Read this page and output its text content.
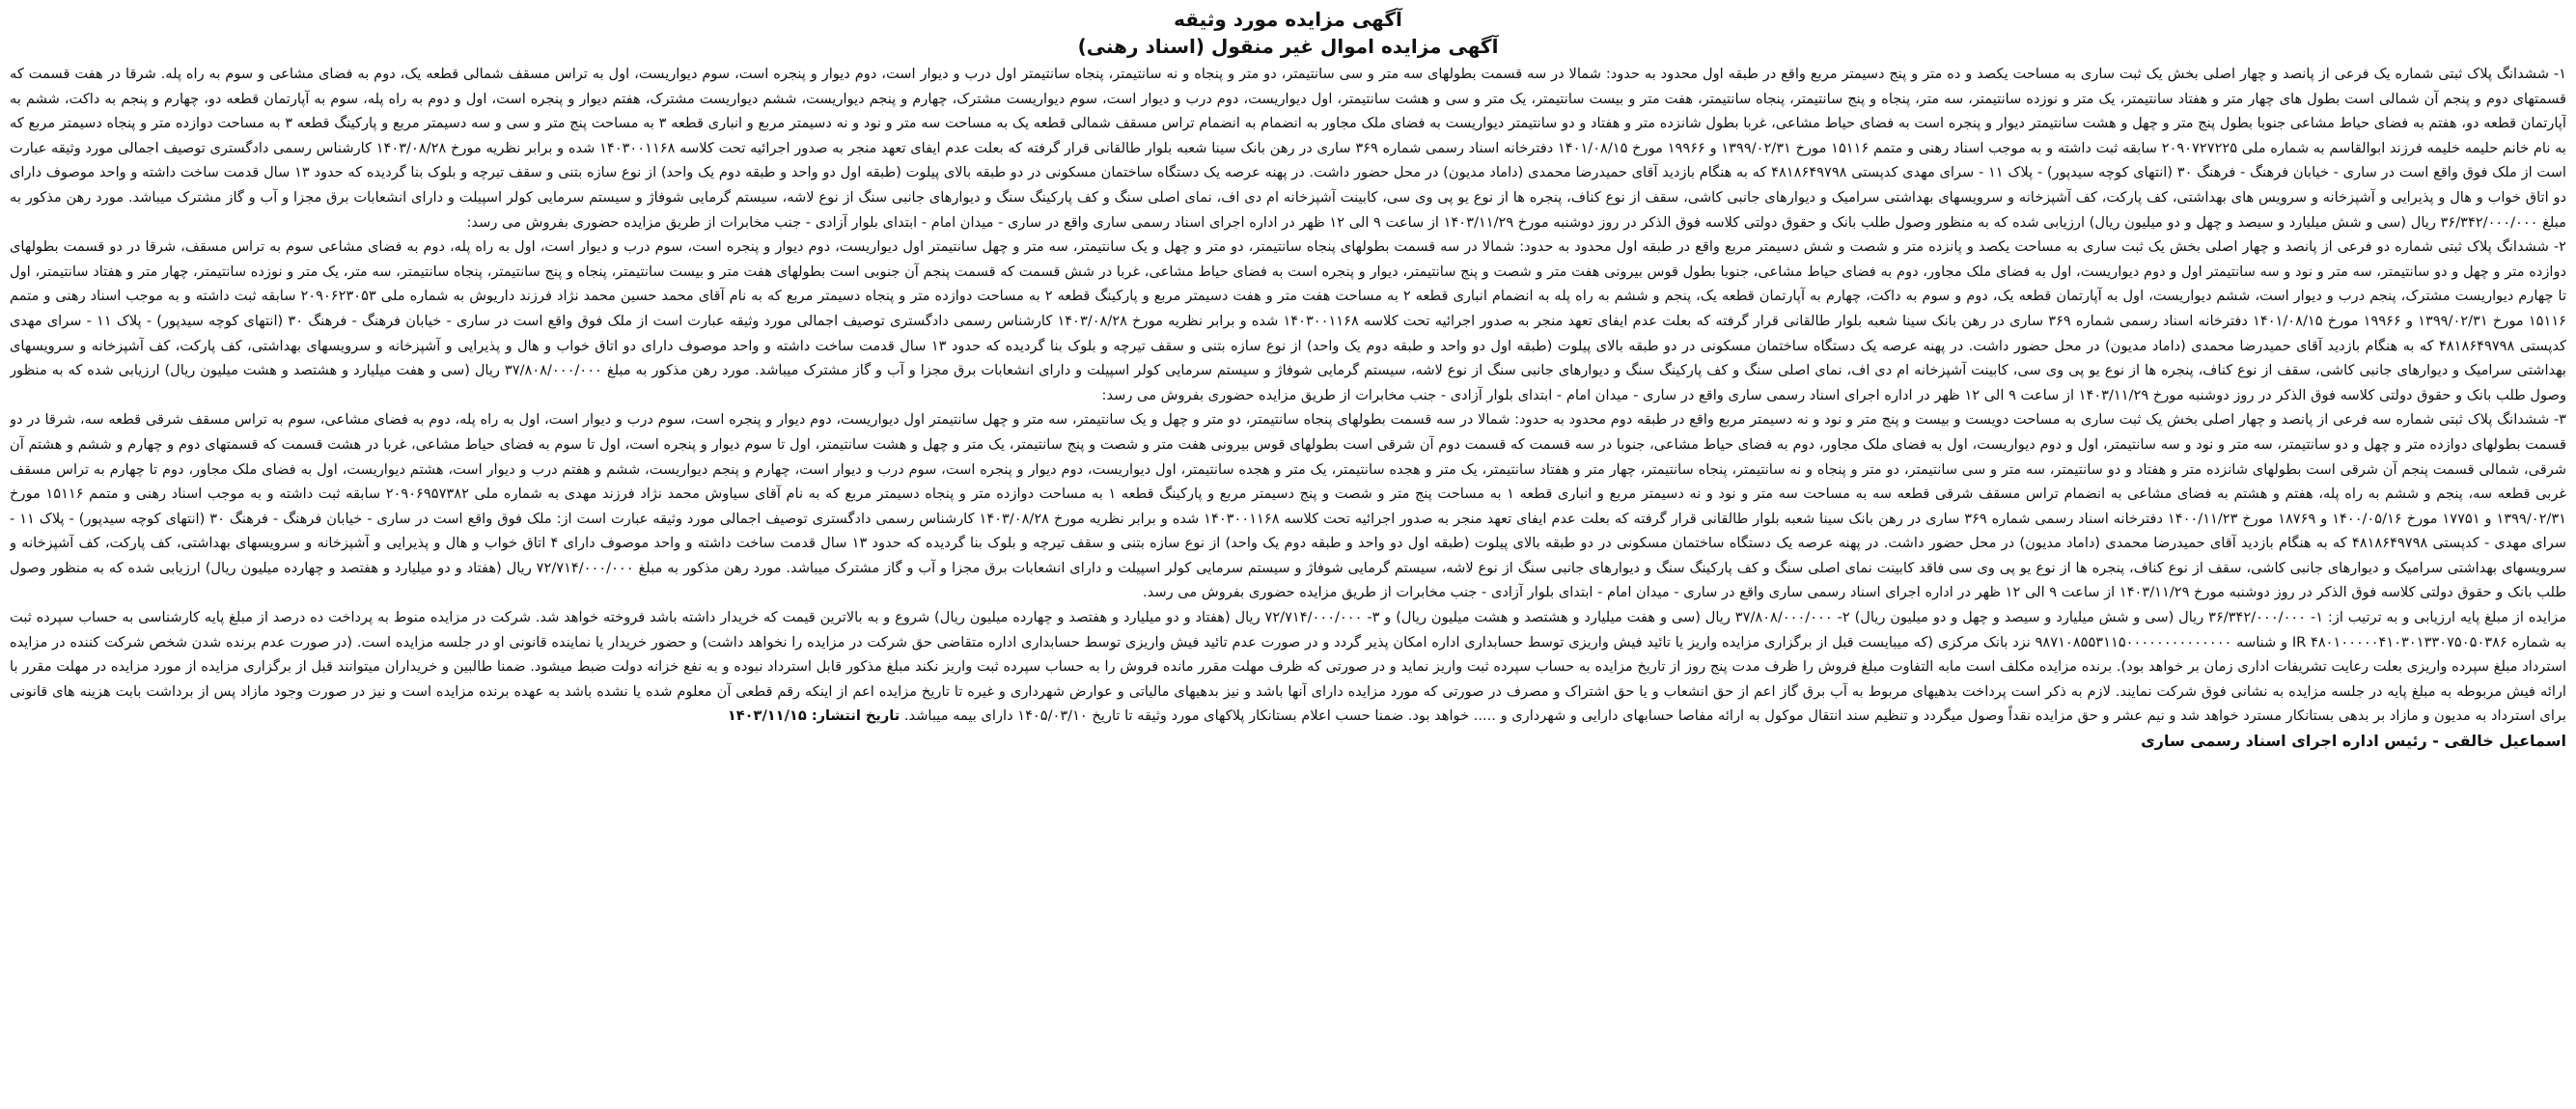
آگهی مزایده مورد وثیقه
آگهی مزایده اموال غیر منقول (اسناد رهنی)

۱- ششدانگ پلاک ثبتی شماره یک فرعی از پانصد و چهار اصلی بخش یک ثبت ساری به مساحت یکصد و ده متر و پنج دسیمتر مربع واقع در طبقه اول محدود به حدود: شمالا در سه قسمت بطولهای سه متر و سی سانتیمتر، دو متر و پنجاه و نه سانتیمتر، پنجاه سانتیمتر اول درب و دیوار است، دوم دیوار و پنجره است، سوم دیواریست، اول به تراس مسقف شمالی قطعه یک، دوم به فضای مشاعی و سوم به راه پله. شرقا در هفت قسمت که قسمتهای دوم و پنجم آن شمالی است بطول های چهار متر و هفتاد سانتیمتر، یک متر و نوزده سانتیمتر، سه متر، پنجاه و پنج سانتیمتر، پنجاه سانتیمتر، هفت متر و بیست سانتیمتر، یک متر و سی و هشت سانتیمتر، اول دیواریست، دوم درب و دیوار است، سوم دیواریست مشترک، چهارم و پنجم دیواریست، ششم دیواریست مشترک، هفتم دیوار و پنجره است، اول و دوم به راه پله، سوم به آپارتمان قطعه دو، چهارم و پنجم به داکت، ششم به آپارتمان قطعه دو، هفتم به فضای حیاط مشاعی جنوبا بطول پنج متر و چهل و هشت سانتیمتر دیوار و پنجره است به فضای حیاط مشاعی، غربا بطول شانزده متر و هفتاد و دو سانتیمتر دیواریست به فضای ملک مجاور به انضمام به انضمام تراس مسقف شمالی قطعه یک به مساحت سه متر و نود و نه دسیمتر مربع و انباری قطعه ۳ به مساحت پنج متر و سی و سه دسیمتر مربع و پارکینگ قطعه ۳ به مساحت دوازده متر و پنجاه دسیمتر مربع که به نام خانم حلیمه خلیمه فرزند ابوالقاسم به شماره ملی ۲۰۹۰۷۲۷۲۲۵ سابقه ثبت داشته و به موجب اسناد رهنی و متمم ۱۵۱۱۶ مورخ ۱۳۹۹/۰۲/۳۱ و ۱۹۹۶۶ مورخ ۱۴۰۱/۰۸/۱۵ دفترخانه اسناد رسمی شماره ۳۶۹ ساری در رهن بانک سینا شعبه بلوار طالقانی قرار گرفته که بعلت عدم ایفای تعهد منجر به صدور اجرائیه تحت کلاسه ۱۴۰۳۰۰۱۱۶۸ شده و برابر نظریه مورخ ۱۴۰۳/۰۸/۲۸ کارشناس رسمی دادگستری توصیف اجمالی مورد وثیقه عبارت است از ملک فوق واقع است در ساری - خیابان فرهنگ - فرهنگ ۳۰ (انتهای کوچه سیدپور) - پلاک ۱۱ - سرای مهدی کدپستی ۴۸۱۸۶۴۹۷۹۸ که به هنگام بازدید آقای حمیدرضا محمدی (داماد مدیون) در محل حضور داشت. در پهنه عرصه یک دستگاه ساختمان مسکونی در دو طبقه بالای پیلوت (طبقه اول دو واحد و طبقه دوم یک واحد) از نوع سازه بتنی و سقف تیرچه و بلوک بنا گردیده که حدود ۱۳ سال قدمت ساخت داشته و واحد موصوف دارای دو اتاق خواب و هال و پذیرایی و آشپزخانه و سرویس های بهداشتی، کف پارکت، کف آشپزخانه و سرویسهای بهداشتی سرامیک و دیوارهای جانبی کاشی، سقف از نوع کناف، پنجره ها از نوع یو پی وی سی، کابینت آشپزخانه ام دی اف، نمای اصلی سنگ و کف پارکینگ سنگ و دیوارهای جانبی سنگ از نوع لاشه، سیستم گرمایی شوفاژ و سیستم سرمایی کولر اسپیلت و دارای انشعابات برق مجزا و آب و گاز مشترک میباشد. مورد رهن مذکور به مبلغ ۳۶/۳۴۲/۰۰۰/۰۰۰ ریال (سی و شش میلیارد و سیصد و چهل و دو میلیون ریال) ارزیابی شده که به منظور وصول طلب بانک و حقوق دولتی کلاسه فوق الذکر در روز دوشنبه مورخ ۱۴۰۳/۱۱/۲۹ از ساعت ۹ الی ۱۲ ظهر در اداره اجرای اسناد رسمی ساری واقع در ساری - میدان امام - ابتدای بلوار آزادی - جنب مخابرات از طریق مزایده حضوری بفروش می رسد:

۲- ششدانگ پلاک ثبتی شماره دو فرعی از پانصد و چهار اصلی بخش یک ثبت ساری به مساحت یکصد و پانزده متر و شصت و شش دسیمتر مربع واقع در طبقه اول محدود به حدود: شمالا در سه قسمت بطولهای پنجاه سانتیمتر، دو متر و چهل و یک سانتیمتر، سه متر و چهل سانتیمتر اول دیواریست، دوم دیوار و پنجره است، سوم درب و دیوار است، اول به راه پله، دوم به فضای مشاعی سوم به تراس مسقف، شرقا در دو قسمت بطولهای دوازده متر و چهل و دو سانتیمتر، سه متر و نود و سه سانتیمتر اول و دوم دیواریست، اول به فضای ملک مجاور، دوم به فضای حیاط مشاعی، جنوبا بطول قوس بیرونی هفت متر و شصت و پنج سانتیمتر، دیوار و پنجره است به فضای حیاط مشاعی، غربا در شش قسمت که قسمت پنجم آن جنوبی است بطولهای هفت متر و بیست سانتیمتر، پنجاه و پنج سانتیمتر، پنجاه سانتیمتر، سه متر، یک متر و نوزده سانتیمتر، چهار متر و هفتاد سانتیمتر، اول تا چهارم دیواریست مشترک، پنجم درب و دیوار است، ششم دیواریست، اول به آپارتمان قطعه یک، دوم و سوم به داکت، چهارم به آپارتمان قطعه یک، پنجم و ششم به راه پله به انضمام انباری قطعه ۲ به مساحت هفت متر و هفت دسیمتر مربع و پارکینگ قطعه ۲ به مساحت دوازده متر و پنجاه دسیمتر مربع که به نام آقای محمد حسین محمد نژاد فرزند داریوش به شماره ملی ۲۰۹۰۶۲۳۰۵۳ سابقه ثبت داشته و به موجب اسناد رهنی و متمم ۱۵۱۱۶ مورخ ۱۳۹۹/۰۲/۳۱ و ۱۹۹۶۶ مورخ ۱۴۰۱/۰۸/۱۵ دفترخانه اسناد رسمی شماره ۳۶۹ ساری در رهن بانک سینا شعبه بلوار طالقانی قرار گرفته که بعلت عدم ایفای تعهد منجر به صدور اجرائیه تحت کلاسه ۱۴۰۳۰۰۱۱۶۸ شده و برابر نظریه مورخ ۱۴۰۳/۰۸/۲۸ کارشناس رسمی دادگستری توصیف اجمالی مورد وثیقه عبارت است از ملک فوق واقع است در ساری - خیابان فرهنگ - فرهنگ ۳۰ (انتهای کوچه سیدپور) - پلاک ۱۱ - سرای مهدی کدپستی ۴۸۱۸۶۴۹۷۹۸ که به هنگام بازدید آقای حمیدرضا محمدی (داماد مدیون) در محل حضور داشت. در پهنه عرصه یک دستگاه ساختمان مسکونی در دو طبقه بالای پیلوت (طبقه اول دو واحد و طبقه دوم یک واحد) از نوع سازه بتنی و سقف تیرچه و بلوک بنا گردیده که حدود ۱۳ سال قدمت ساخت داشته و واحد موصوف دارای دو اتاق خواب و هال و پذیرایی و آشپزخانه و سرویسهای بهداشتی، کف پارکت، کف آشپزخانه و سرویسهای بهداشتی سرامیک و دیوارهای جانبی کاشی، سقف از نوع کناف، پنجره ها از نوع یو پی وی سی، کابینت آشپزخانه ام دی اف، نمای اصلی سنگ و کف پارکینگ سنگ و دیوارهای جانبی سنگ از نوع لاشه، سیستم گرمایی شوفاژ و سیستم سرمایی کولر اسپیلت و دارای انشعابات برق مجزا و آب و گاز مشترک میباشد. مورد رهن مذکور به مبلغ ۳۷/۸۰۸/۰۰۰/۰۰۰ ریال (سی و هفت میلیارد و هشتصد و هشت میلیون ریال) ارزیابی شده که به منظور وصول طلب بانک و حقوق دولتی کلاسه فوق الذکر در روز دوشنبه مورخ ۱۴۰۳/۱۱/۲۹ از ساعت ۹ الی ۱۲ ظهر در اداره اجرای اسناد رسمی ساری واقع در ساری - میدان امام - ابتدای بلوار آزادی - جنب مخابرات از طریق مزایده حضوری بفروش می رسد:

۳- ششدانگ پلاک ثبتی شماره سه فرعی از پانصد و چهار اصلی بخش یک ثبت ساری به مساحت دویست و بیست و پنج متر و نود و نه دسیمتر مربع واقع در طبقه دوم محدود به حدود: شمالا در سه قسمت بطولهای پنجاه سانتیمتر، دو متر و چهل و یک سانتیمتر، سه متر و چهل سانتیمتر اول دیواریست، دوم دیوار و پنجره است، سوم درب و دیوار است، اول به راه پله، دوم به فضای مشاعی، سوم به تراس مسقف شرقی قطعه سه، شرقا در دو قسمت بطولهای دوازده متر و چهل و دو سانتیمتر، سه متر و نود و سه سانتیمتر، اول و دوم دیواریست، اول به فضای ملک مجاور، دوم به فضای حیاط مشاعی، جنوبا در سه قسمت که قسمت دوم آن شرقی است بطولهای قوس بیرونی هفت متر و شصت و پنج سانتیمتر، یک متر و چهل و هشت سانتیمتر، اول تا سوم دیوار و پنجره است، اول تا سوم به فضای حیاط مشاعی، غربا در هشت قسمت که قسمتهای دوم و چهارم و ششم و هشتم آن شرقی، شمالی قسمت پنجم آن شرقی است بطولهای شانزده متر و هفتاد و دو سانتیمتر، سه متر و سی سانتیمتر، دو متر و پنجاه و نه سانتیمتر، پنجاه سانتیمتر، چهار متر و هفتاد سانتیمتر، یک متر و هجده سانتیمتر، یک متر و هجده سانتیمتر، اول دیواریست، دوم دیوار و پنجره است، سوم درب و دیوار است، چهارم و پنجم دیواریست، ششم و هفتم درب و دیوار است، هشتم دیواریست، اول به فضای ملک مجاور، دوم تا چهارم به تراس مسقف غربی قطعه سه، پنجم و ششم به راه پله، هفتم و هشتم به فضای مشاعی به انضمام تراس مسقف شرقی قطعه سه به مساحت سه متر و نود و نه دسیمتر مربع و انباری قطعه ۱ به مساحت پنج متر و شصت و پنج دسیمتر مربع و پارکینگ قطعه ۱ به مساحت دوازده متر و پنجاه دسیمتر مربع که به نام آقای سیاوش محمد نژاد فرزند مهدی به شماره ملی ۲۰۹۰۶۹۵۷۳۸۲ سابقه ثبت داشته و به موجب اسناد رهنی و متمم ۱۵۱۱۶ مورخ ۱۳۹۹/۰۲/۳۱ و ۱۷۷۵۱ مورخ ۱۴۰۰/۰۵/۱۶ و ۱۸۷۶۹ مورخ ۱۴۰۰/۱۱/۲۳ دفترخانه اسناد رسمی شماره ۳۶۹ ساری در رهن بانک سینا شعبه بلوار طالقانی قرار گرفته که بعلت عدم ایفای تعهد منجر به صدور اجرائیه تحت کلاسه ۱۴۰۳۰۰۱۱۶۸ شده و برابر نظریه مورخ ۱۴۰۳/۰۸/۲۸ کارشناس رسمی دادگستری توصیف اجمالی مورد وثیقه عبارت است از: ملک فوق واقع است در ساری - خیابان فرهنگ - فرهنگ ۳۰ (انتهای کوچه سیدپور) - پلاک ۱۱ - سرای مهدی - کدپستی ۴۸۱۸۶۴۹۷۹۸ که به هنگام بازدید آقای حمیدرضا محمدی (داماد مدیون) در محل حضور داشت. در پهنه عرصه یک دستگاه ساختمان مسکونی در دو طبقه بالای پیلوت (طبقه اول دو واحد و طبقه دوم یک واحد) از نوع سازه بتنی و سقف تیرچه و بلوک بنا گردیده که حدود ۱۳ سال قدمت ساخت داشته و واحد موصوف دارای ۴ اتاق خواب و هال و پذیرایی و آشپزخانه و سرویسهای بهداشتی، کف پارکت، کف آشپزخانه و سرویسهای بهداشتی سرامیک و دیوارهای جانبی کاشی، سقف از نوع کناف، پنجره ها از نوع یو پی وی سی فاقد کابینت نمای اصلی سنگ و کف پارکینگ سنگ و دیوارهای جانبی سنگ از نوع لاشه، سیستم گرمایی شوفاژ و سیستم سرمایی کولر اسپیلت و دارای انشعابات برق مجزا و آب و گاز مشترک میباشد. مورد رهن مذکور به مبلغ ۷۲/۷۱۴/۰۰۰/۰۰۰ ریال (هفتاد و دو میلیارد و هفتصد و چهارده میلیون ریال) ارزیابی شده که به منظور وصول طلب بانک و حقوق دولتی کلاسه فوق الذکر در روز دوشنبه مورخ ۱۴۰۳/۱۱/۲۹ از ساعت ۹ الی ۱۲ ظهر در اداره اجرای اسناد رسمی ساری واقع در ساری - میدان امام - ابتدای بلوار آزادی - جنب مخابرات از طریق مزایده حضوری بفروش می رسد.

مزایده از مبلغ پایه ارزیابی و به ترتیب از: ۱- ۳۶/۳۴۲/۰۰۰/۰۰۰ ریال (سی و شش میلیارد و سیصد و چهل و دو میلیون ریال) ۲- ۳۷/۸۰۸/۰۰۰/۰۰۰ ریال (سی و هفت میلیارد و هشتصد و هشت میلیون ریال) و ۳- ۷۲/۷۱۴/۰۰۰/۰۰۰ ریال (هفتاد و دو میلیارد و هفتصد و چهارده میلیون ریال) شروع و به بالاترین قیمت که خریدار داشته باشد فروخته خواهد شد. شرکت در مزایده منوط به پرداخت ده درصد از مبلغ پایه کارشناسی به حساب سپرده ثبت به شماره IR ۴۸۰۱۰۰۰۰۰۴۱۰۳۰۱۳۳۰۷۵۰۵۰۳۸۶ و شناسه ۹۸۷۱۰۸۵۵۳۱۱۵۰۰۰۰۰۰۰۰۰۰۰۰۰۰ نزد بانک مرکزی (که میبایست قبل از برگزاری مزایده واریز یا تائید فیش واریزی توسط حسابداری اداره امکان پذیر گردد و در صورت عدم تائید فیش واریزی توسط حسابداری اداره متقاضی حق شرکت در مزایده را نخواهد داشت) و حضور خریدار یا نماینده قانونی او در جلسه مزایده است. (در صورت عدم برنده شدن شخص شرکت کننده در مزایده استرداد مبلغ سپرده واریزی بعلت رعایت تشریفات اداری زمان بر خواهد بود). برنده مزایده مکلف است مابه التفاوت مبلغ فروش را ظرف مدت پنج روز از تاریخ مزایده به حساب سپرده ثبت واریز نماید و در صورتی که ظرف مهلت مقرر مانده فروش را به حساب سپرده ثبت واریز نکند مبلغ مذکور قابل استرداد نبوده و به نفع خزانه دولت ضبط میشود. ضمنا طالبین و خریداران میتوانند قبل از برگزاری مزایده از مورد مزایده در مهلت مقرر با ارائه فیش مربوطه به مبلغ پایه در جلسه مزایده به نشانی فوق شرکت نمایند. لازم به ذکر است پرداخت بدهیهای مربوط به آب برق گاز اعم از حق انشعاب و یا حق اشتراک و مصرف در صورتی که مورد مزایده دارای آنها باشد و نیز بدهیهای مالیاتی و عوارض شهرداری و غیره تا تاریخ مزایده اعم از اینکه رقم قطعی آن معلوم شده یا نشده باشد به عهده برنده مزایده است و نیز در صورت وجود مازاد پس از برداشت بابت هزینه های قانونی برای استرداد به مدیون و مازاد بر بدهی بستانکار مسترد خواهد شد و نیم عشر و حق مزایده نقداً وصول میگردد و تنظیم سند انتقال موکول به ارائه مفاصا حسابهای دارایی و شهرداری و ..... خواهد بود. ضمنا حسب اعلام بستانکار پلاکهای مورد وثیقه تا تاریخ ۱۴۰۵/۰۳/۱۰ دارای بیمه میباشد. تاریخ انتشار: ۱۴۰۳/۱۱/۱۵

اسماعیل خالقی - رئیس اداره اجرای اسناد رسمی ساری
